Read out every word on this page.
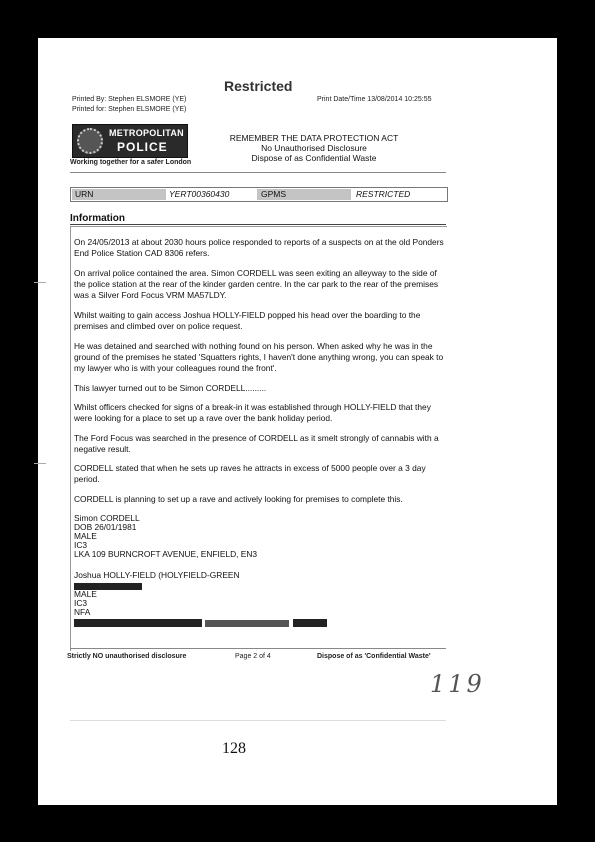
Restricted
Printed By: Stephen ELSMORE (YE)
Printed for: Stephen ELSMORE (YE)
Print Date/Time 13/08/2014 10:25:55
METROPOLITAN
POLICE
Working together for a safer London
REMEMBER THE DATA PROTECTION ACT
No Unauthorised Disclosure
Dispose of as Confidential Waste
URN	YERT00360430	GPMS	RESTRICTED
Information
On 24/05/2013 at about 2030 hours police responded to reports of a suspects on at the old Ponders End Police Station CAD 8306 refers.
On arrival police contained the area. Simon CORDELL was seen exiting an alleyway to the side of the police station at the rear of the kinder garden centre. In the car park to the rear of the premises was a Silver Ford Focus VRM MA57LDY.
Whilst waiting to gain access Joshua HOLLY-FIELD popped his head over the boarding to the premises and climbed over on police request.
He was detained and searched with nothing found on his person. When asked why he was in the ground of the premises he stated 'Squatters rights, I haven't done anything wrong, you can speak to my lawyer who is with your colleagues round the front'.
This lawyer turned out to be Simon CORDELL.........
Whilst officers checked for signs of a break-in it was established through HOLLY-FIELD that they were looking for a place to set up a rave over the bank holiday period.
The Ford Focus was searched in the presence of CORDELL as it smelt strongly of cannabis with a negative result.
CORDELL stated that when he sets up raves he attracts in excess of 5000 people over a 3 day period.
CORDELL is planning to set up a rave and actively looking for premises to complete this.
Simon CORDELL
DOB 26/01/1981
MALE
IC3
LKA 109 BURNCROFT AVENUE, ENFIELD, EN3
Joshua HOLLY-FIELD (HOLYFIELD-GREEN
MALE
IC3
NFA
Strictly NO unauthorised disclosure	Page 2 of 4	Dispose of as 'Confidential Waste'
119
128
